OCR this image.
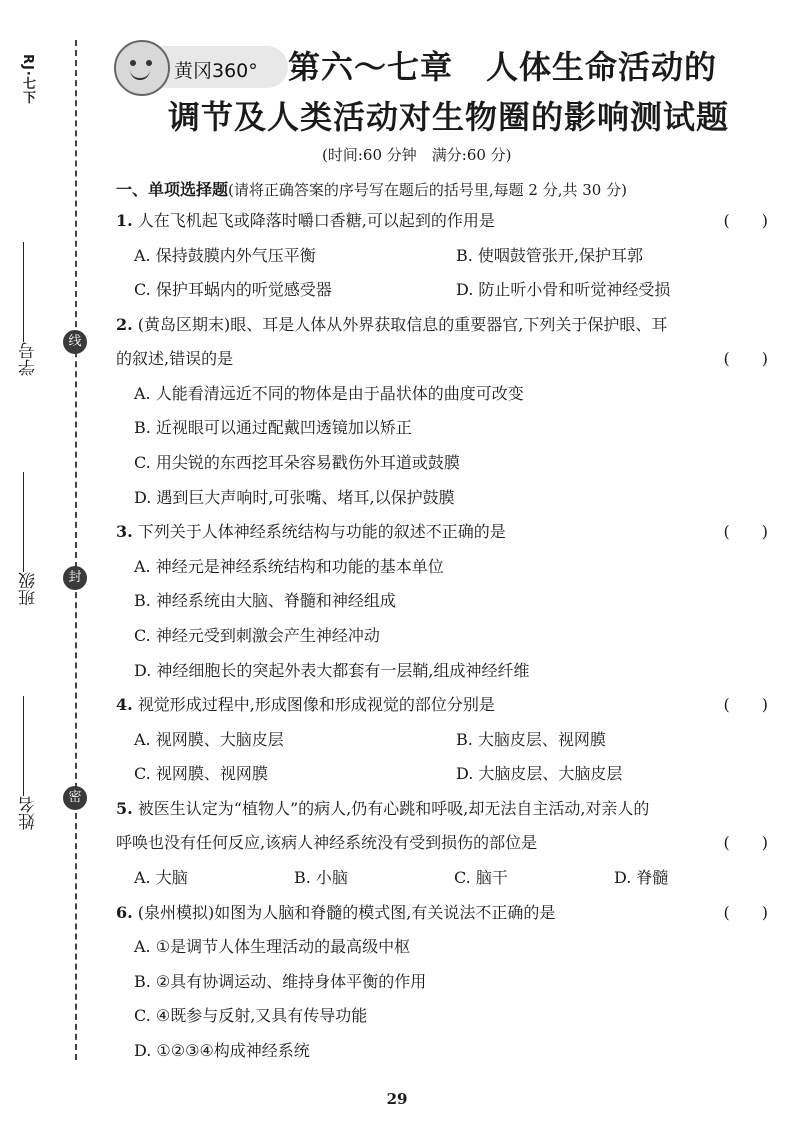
RJ·七下
线
封
密
学号
班级
姓名
黄冈360° 第六～七章　人体生命活动的
调节及人类活动对生物圈的影响测试题
(时间:60 分钟　满分:60 分)
一、单项选择题(请将正确答案的序号写在题后的括号里,每题 2 分,共 30 分)
1. 人在飞机起飞或降落时嚼口香糖,可以起到的作用是	(　　)
A. 保持鼓膜内外气压平衡	B. 使咽鼓管张开,保护耳郭
C. 保护耳蜗内的听觉感受器	D. 防止听小骨和听觉神经受损
2. (黄岛区期末)眼、耳是人体从外界获取信息的重要器官,下列关于保护眼、耳
的叙述,错误的是	(　　)
A. 人能看清远近不同的物体是由于晶状体的曲度可改变
B. 近视眼可以通过配戴凹透镜加以矫正
C. 用尖锐的东西挖耳朵容易戳伤外耳道或鼓膜
D. 遇到巨大声响时,可张嘴、堵耳,以保护鼓膜
3. 下列关于人体神经系统结构与功能的叙述不正确的是	(　　)
A. 神经元是神经系统结构和功能的基本单位
B. 神经系统由大脑、脊髓和神经组成
C. 神经元受到刺激会产生神经冲动
D. 神经细胞长的突起外表大都套有一层鞘,组成神经纤维
4. 视觉形成过程中,形成图像和形成视觉的部位分别是	(　　)
A. 视网膜、大脑皮层	B. 大脑皮层、视网膜
C. 视网膜、视网膜	D. 大脑皮层、大脑皮层
5. 被医生认定为“植物人”的病人,仍有心跳和呼吸,却无法自主活动,对亲人的
呼唤也没有任何反应,该病人神经系统没有受到损伤的部位是	(　　)
A. 大脑	B. 小脑	C. 脑干	D. 脊髓
6. (泉州模拟)如图为人脑和脊髓的模式图,有关说法不正确的是	(　　)
A. ①是调节人体生理活动的最高级中枢
B. ②具有协调运动、维持身体平衡的作用
C. ④既参与反射,又具有传导功能
D. ①②③④构成神经系统
29
